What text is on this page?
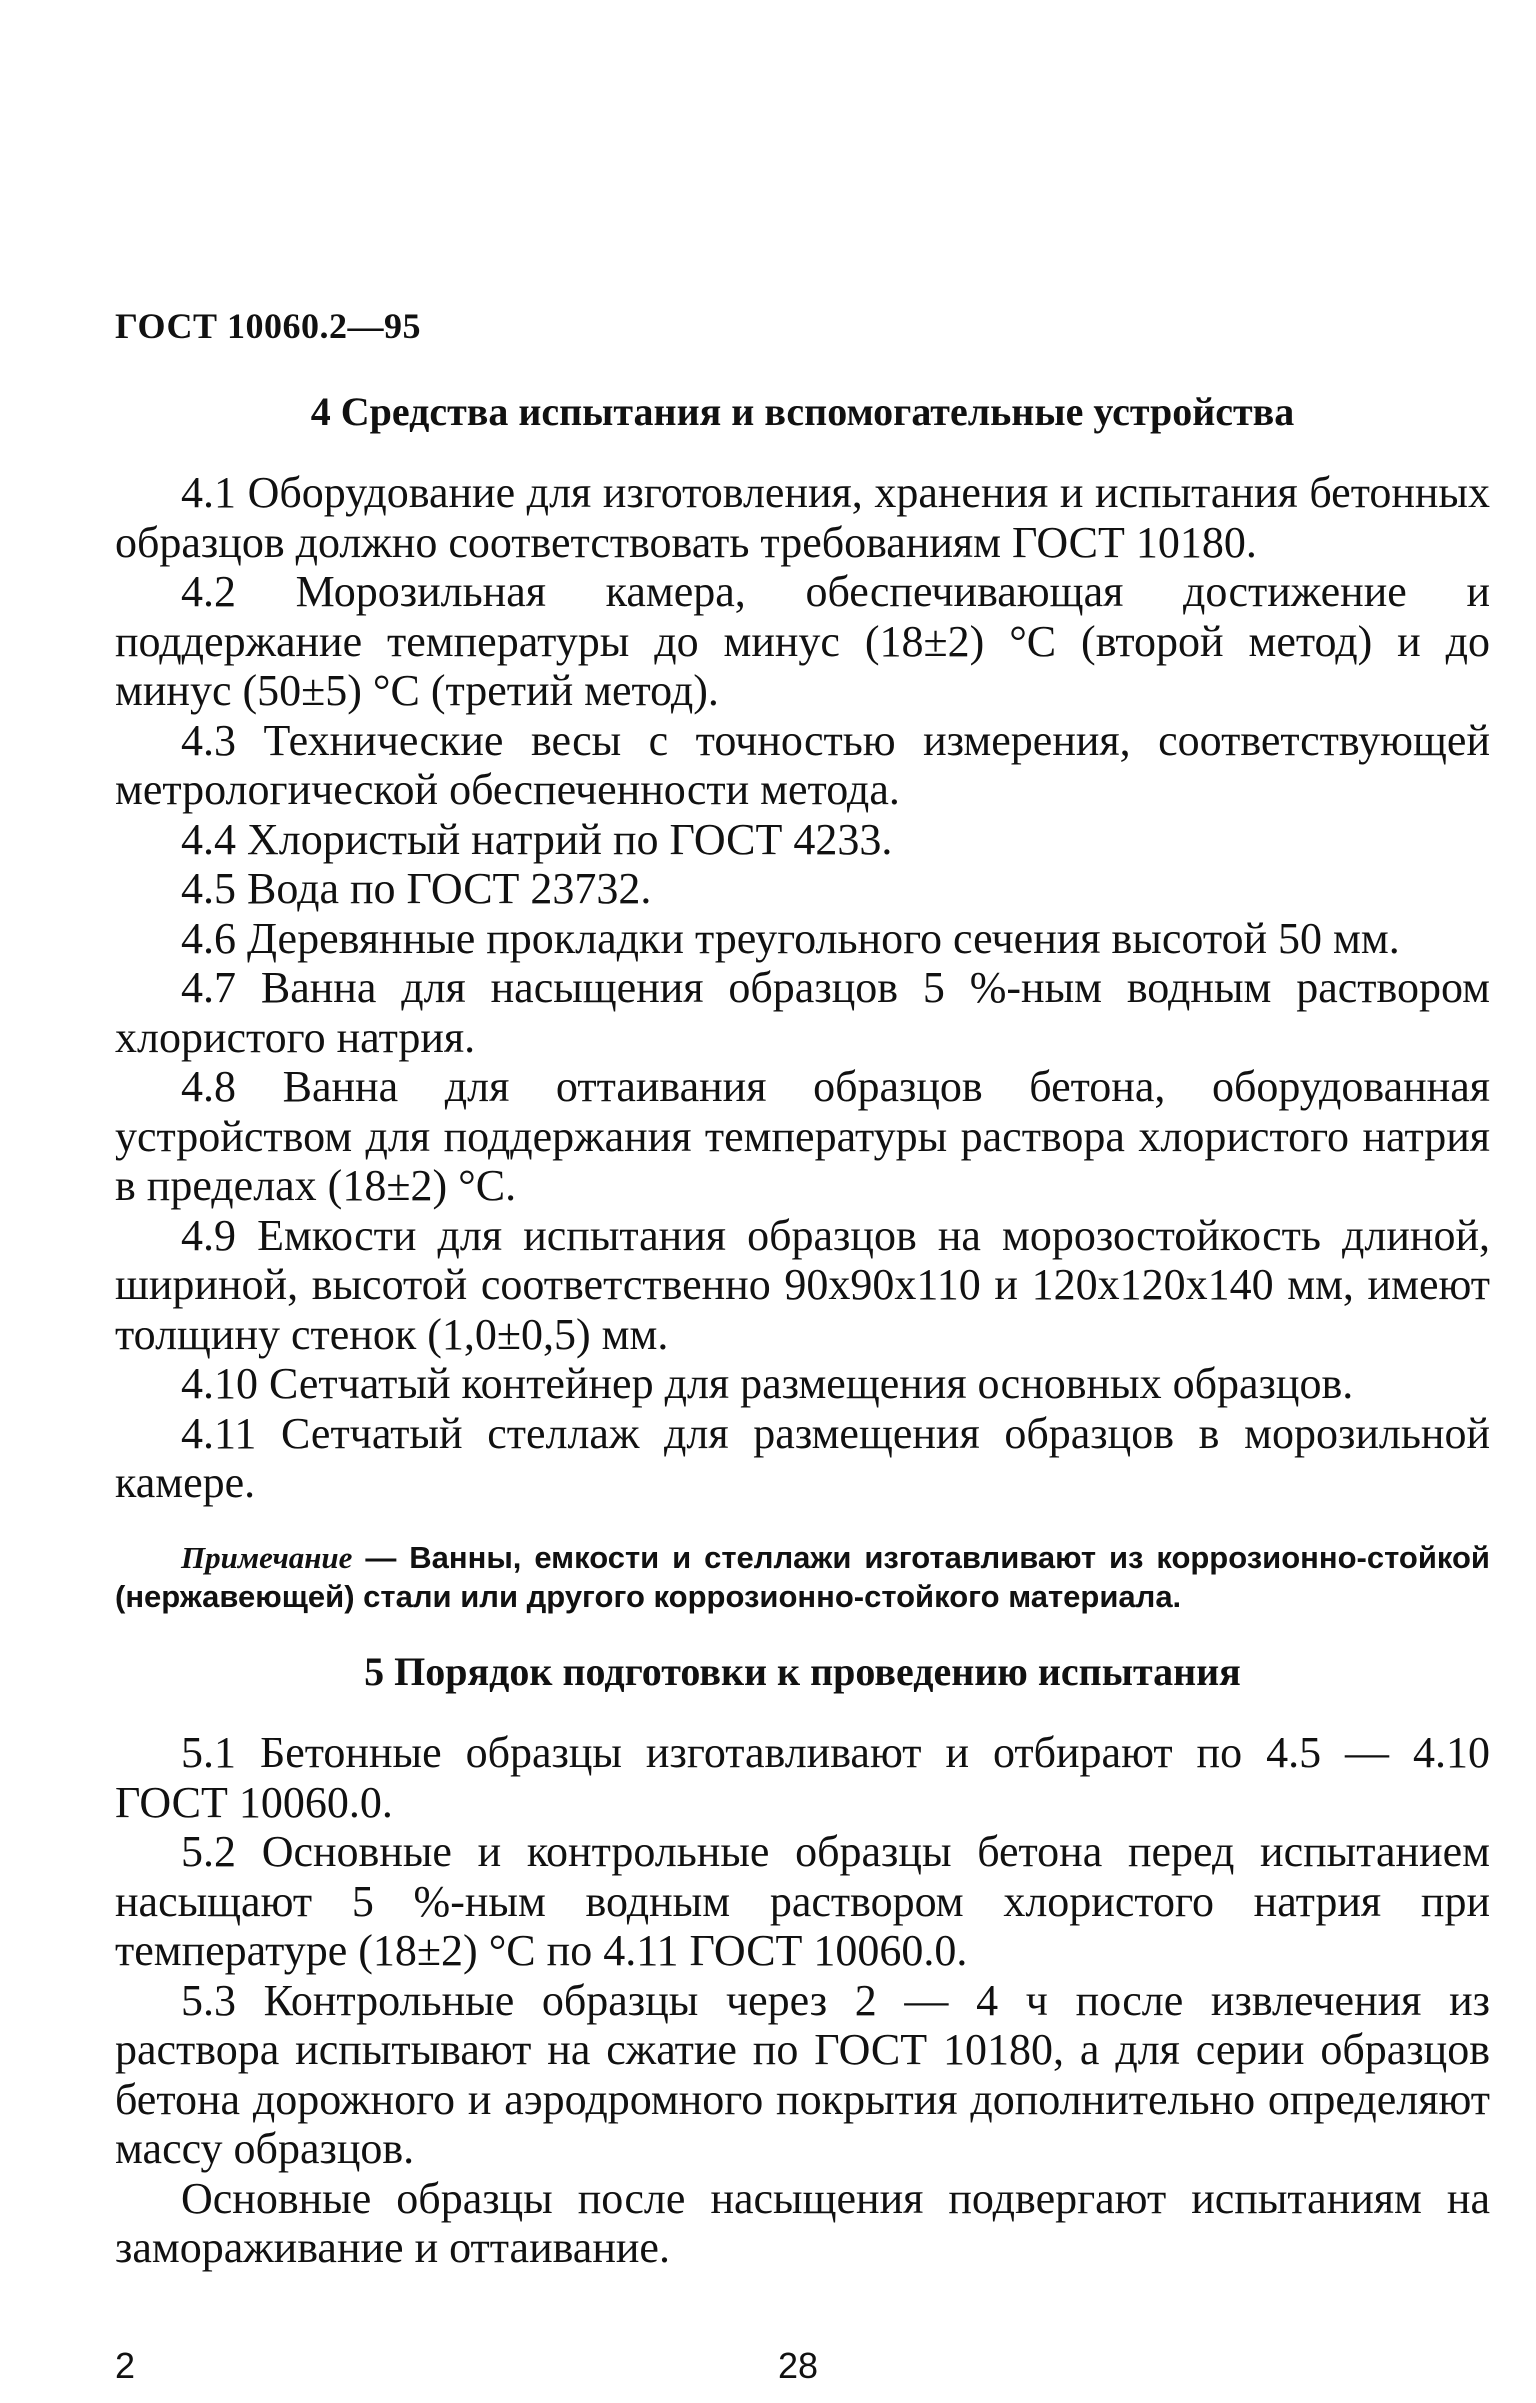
ГОСТ 10060.2—95
4 Средства испытания и вспомогательные устройства

4.1 Оборудование для изготовления, хранения и испытания бетонных образцов должно соответствовать требованиям ГОСТ 10180.

4.2 Морозильная камера, обеспечивающая достижение и поддержание температуры до минус (18±2) °С (второй метод) и до минус (50±5) °С (третий метод).

4.3 Технические весы с точностью измерения, соответствующей метрологической обеспеченности метода.

4.4 Хлористый натрий по ГОСТ 4233.

4.5 Вода по ГОСТ 23732.

4.6 Деревянные прокладки треугольного сечения высотой 50 мм.

4.7 Ванна для насыщения образцов 5 %-ным водным раствором хлористого натрия.

4.8 Ванна для оттаивания образцов бетона, оборудованная устройством для поддержания температуры раствора хлористого натрия в пределах (18±2) °С.

4.9 Емкости для испытания образцов на морозостойкость длиной, шириной, высотой соответственно 90х90х110 и 120х120х140 мм, имеют толщину стенок (1,0±0,5) мм.

4.10 Сетчатый контейнер для размещения основных образцов.

4.11 Сетчатый стеллаж для размещения образцов в морозильной камере.

Примечание — Ванны, емкости и стеллажи изготавливают из коррозионно-стойкой (нержавеющей) стали или другого коррозионно-стойкого материала.
5 Порядок подготовки к проведению испытания

5.1 Бетонные образцы изготавливают и отбирают по 4.5 — 4.10 ГОСТ 10060.0.

5.2 Основные и контрольные образцы бетона перед испытанием насыщают 5 %-ным водным раствором хлористого натрия при температуре (18±2) °С по 4.11 ГОСТ 10060.0.

5.3 Контрольные образцы через 2 — 4 ч после извлечения из раствора испытывают на сжатие по ГОСТ 10180, а для серии образцов бетона дорожного и аэродромного покрытия дополнительно определяют массу образцов.

Основные образцы после насыщения подвергают испытаниям на замораживание и оттаивание.

2	28
